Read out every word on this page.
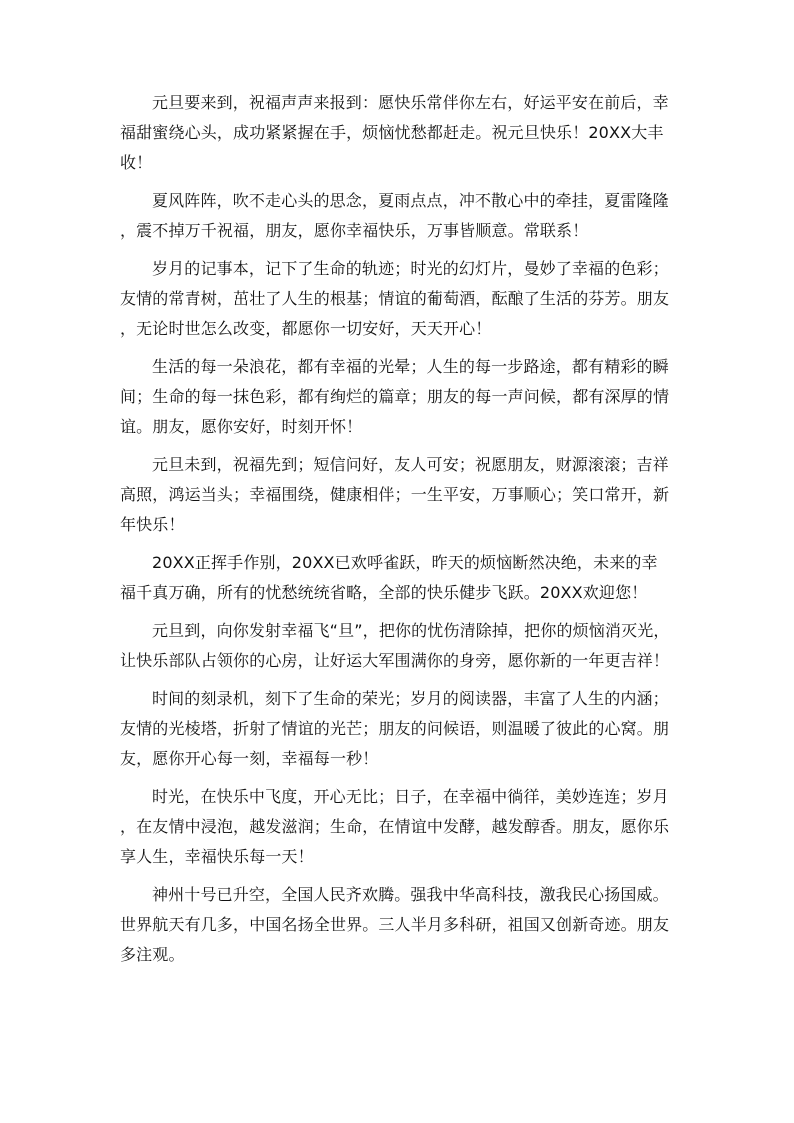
元旦要来到，祝福声声来报到：愿快乐常伴你左右，好运平安在前后，幸福甜蜜绕心头，成功紧紧握在手，烦恼忧愁都赶走。祝元旦快乐！20XX大丰收！

夏风阵阵，吹不走心头的思念，夏雨点点，冲不散心中的牵挂，夏雷隆隆，震不掉万千祝福，朋友，愿你幸福快乐，万事皆顺意。常联系！

岁月的记事本，记下了生命的轨迹；时光的幻灯片，曼妙了幸福的色彩；友情的常青树，茁壮了人生的根基；情谊的葡萄酒，酝酿了生活的芬芳。朋友，无论时世怎么改变，都愿你一切安好，天天开心！

生活的每一朵浪花，都有幸福的光晕；人生的每一步路途，都有精彩的瞬间；生命的每一抹色彩，都有绚烂的篇章；朋友的每一声问候，都有深厚的情谊。朋友，愿你安好，时刻开怀！

元旦未到，祝福先到；短信问好，友人可安；祝愿朋友，财源滚滚；吉祥高照，鸿运当头；幸福围绕，健康相伴；一生平安，万事顺心；笑口常开，新年快乐！

20XX正挥手作别，20XX已欢呼雀跃，昨天的烦恼断然决绝，未来的幸福千真万确，所有的忧愁统统省略，全部的快乐健步飞跃。20XX欢迎您！

元旦到，向你发射幸福飞“旦”，把你的忧伤清除掉，把你的烦恼消灭光，让快乐部队占领你的心房，让好运大军围满你的身旁，愿你新的一年更吉祥！

时间的刻录机，刻下了生命的荣光；岁月的阅读器，丰富了人生的内涵；友情的光棱塔，折射了情谊的光芒；朋友的问候语，则温暖了彼此的心窝。朋友，愿你开心每一刻，幸福每一秒！

时光，在快乐中飞度，开心无比；日子，在幸福中徜徉，美妙连连；岁月，在友情中浸泡，越发滋润；生命，在情谊中发酵，越发醇香。朋友，愿你乐享人生，幸福快乐每一天！

神州十号已升空，全国人民齐欢腾。强我中华高科技，激我民心扬国威。世界航天有几多，中国名扬全世界。三人半月多科研，祖国又创新奇迹。朋友多注观。
